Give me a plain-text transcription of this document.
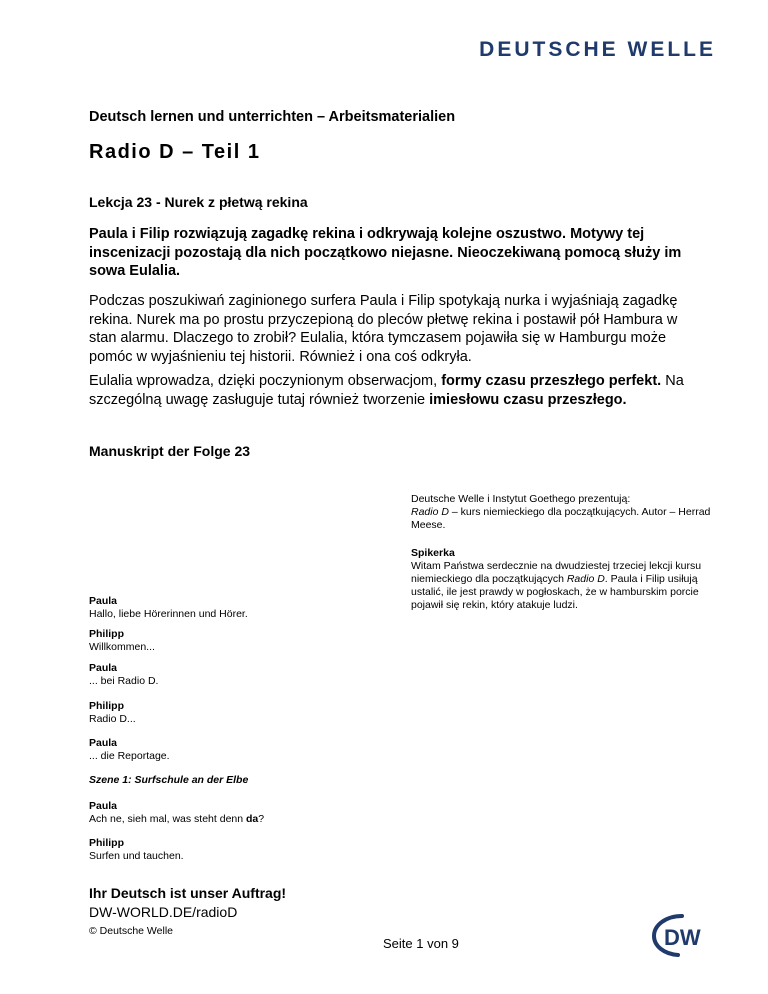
DEUTSCHE WELLE
Deutsch lernen und unterrichten – Arbeitsmaterialien
Radio D – Teil 1
Lekcja 23 - Nurek z płetwą rekina

Paula i Filip rozwiązują zagadkę rekina i odkrywają kolejne oszustwo. Motywy tej inscenizacji pozostają dla nich początkowo niejasne. Nieoczekiwaną pomocą służy im sowa Eulalia.

Podczas poszukiwań zaginionego surfera Paula i Filip spotykają nurka i wyjaśniają zagadkę rekina. Nurek ma po prostu przyczepioną do pleców płetwę rekina i postawił pół Hambura w stan alarmu. Dlaczego to zrobił? Eulalia, która tymczasem pojawiła się w Hamburgu może pomóc w wyjaśnieniu tej historii. Również i ona coś odkryła.

Eulalia wprowadza, dzięki poczynionym obserwacjom, formy czasu przeszłego perfekt. Na szczególną uwagę zasługuje tutaj również tworzenie imiesłowu czasu przeszłego.

Manuskript der Folge 23
Deutsche Welle i Instytut Goethego prezentują:
Radio D – kurs niemieckiego dla początkujących. Autor – Herrad Meese.
Spikerka
Witam Państwa serdecznie na dwudziestej trzeciej lekcji kursu niemieckiego dla początkujących Radio D. Paula i Filip usiłują ustalić, ile jest prawdy w pogłoskach, że w hamburskim porcie pojawił się rekin, który atakuje ludzi.
Paula
Hallo, liebe Hörerinnen und Hörer.
Philipp
Willkommen...
Paula
... bei Radio D.
Philipp
Radio D...
Paula
... die Reportage.
Szene 1: Surfschule an der Elbe
Paula
Ach ne, sieh mal, was steht denn da?
Philipp
Surfen und tauchen.
Ihr Deutsch ist unser Auftrag!
DW-WORLD.DE/radioD
© Deutsche Welle
Seite 1 von 9	DW
